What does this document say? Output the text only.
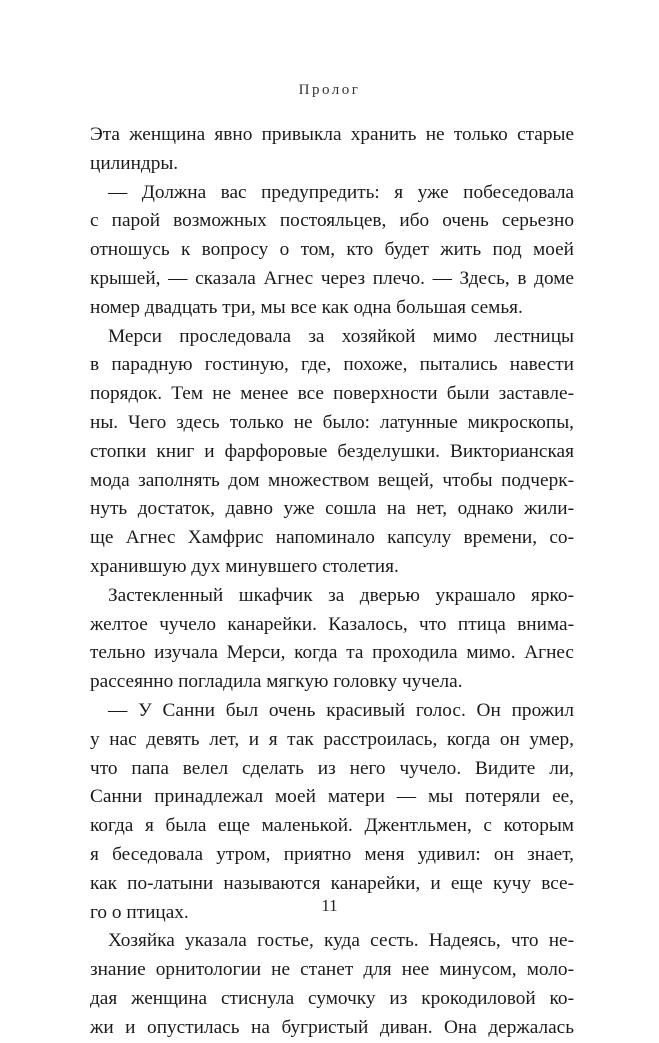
Пролог
Эта женщина явно привыкла хранить не только старые
цилиндры.
— Должна вас предупредить: я уже побеседовала
с парой возможных постояльцев, ибо очень серьезно
отношусь к вопросу о том, кто будет жить под моей
крышей, — сказала Агнес через плечо. — Здесь, в доме
номер двадцать три, мы все как одна большая семья.
Мерси проследовала за хозяйкой мимо лестницы
в парадную гостиную, где, похоже, пытались навести
порядок. Тем не менее все поверхности были заставле-
ны. Чего здесь только не было: латунные микроскопы,
стопки книг и фарфоровые безделушки. Викторианская
мода заполнять дом множеством вещей, чтобы подчерк-
нуть достаток, давно уже сошла на нет, однако жили-
ще Агнес Хамфрис напоминало капсулу времени, со-
хранившую дух минувшего столетия.
Застекленный шкафчик за дверью украшало ярко-
желтое чучело канарейки. Казалось, что птица внима-
тельно изучала Мерси, когда та проходила мимо. Агнес
рассеянно погладила мягкую головку чучела.
— У Санни был очень красивый голос. Он прожил
у нас девять лет, и я так расстроилась, когда он умер,
что папа велел сделать из него чучело. Видите ли,
Санни принадлежал моей матери — мы потеряли ее,
когда я была еще маленькой. Джентльмен, с которым
я беседовала утром, приятно меня удивил: он знает,
как по-латыни называются канарейки, и еще кучу все-
го о птицах.
Хозяйка указала гостье, куда сесть. Надеясь, что не-
знание орнитологии не станет для нее минусом, моло-
дая женщина стиснула сумочку из крокодиловой ко-
жи и опустилась на бугристый диван. Она держалась
11
